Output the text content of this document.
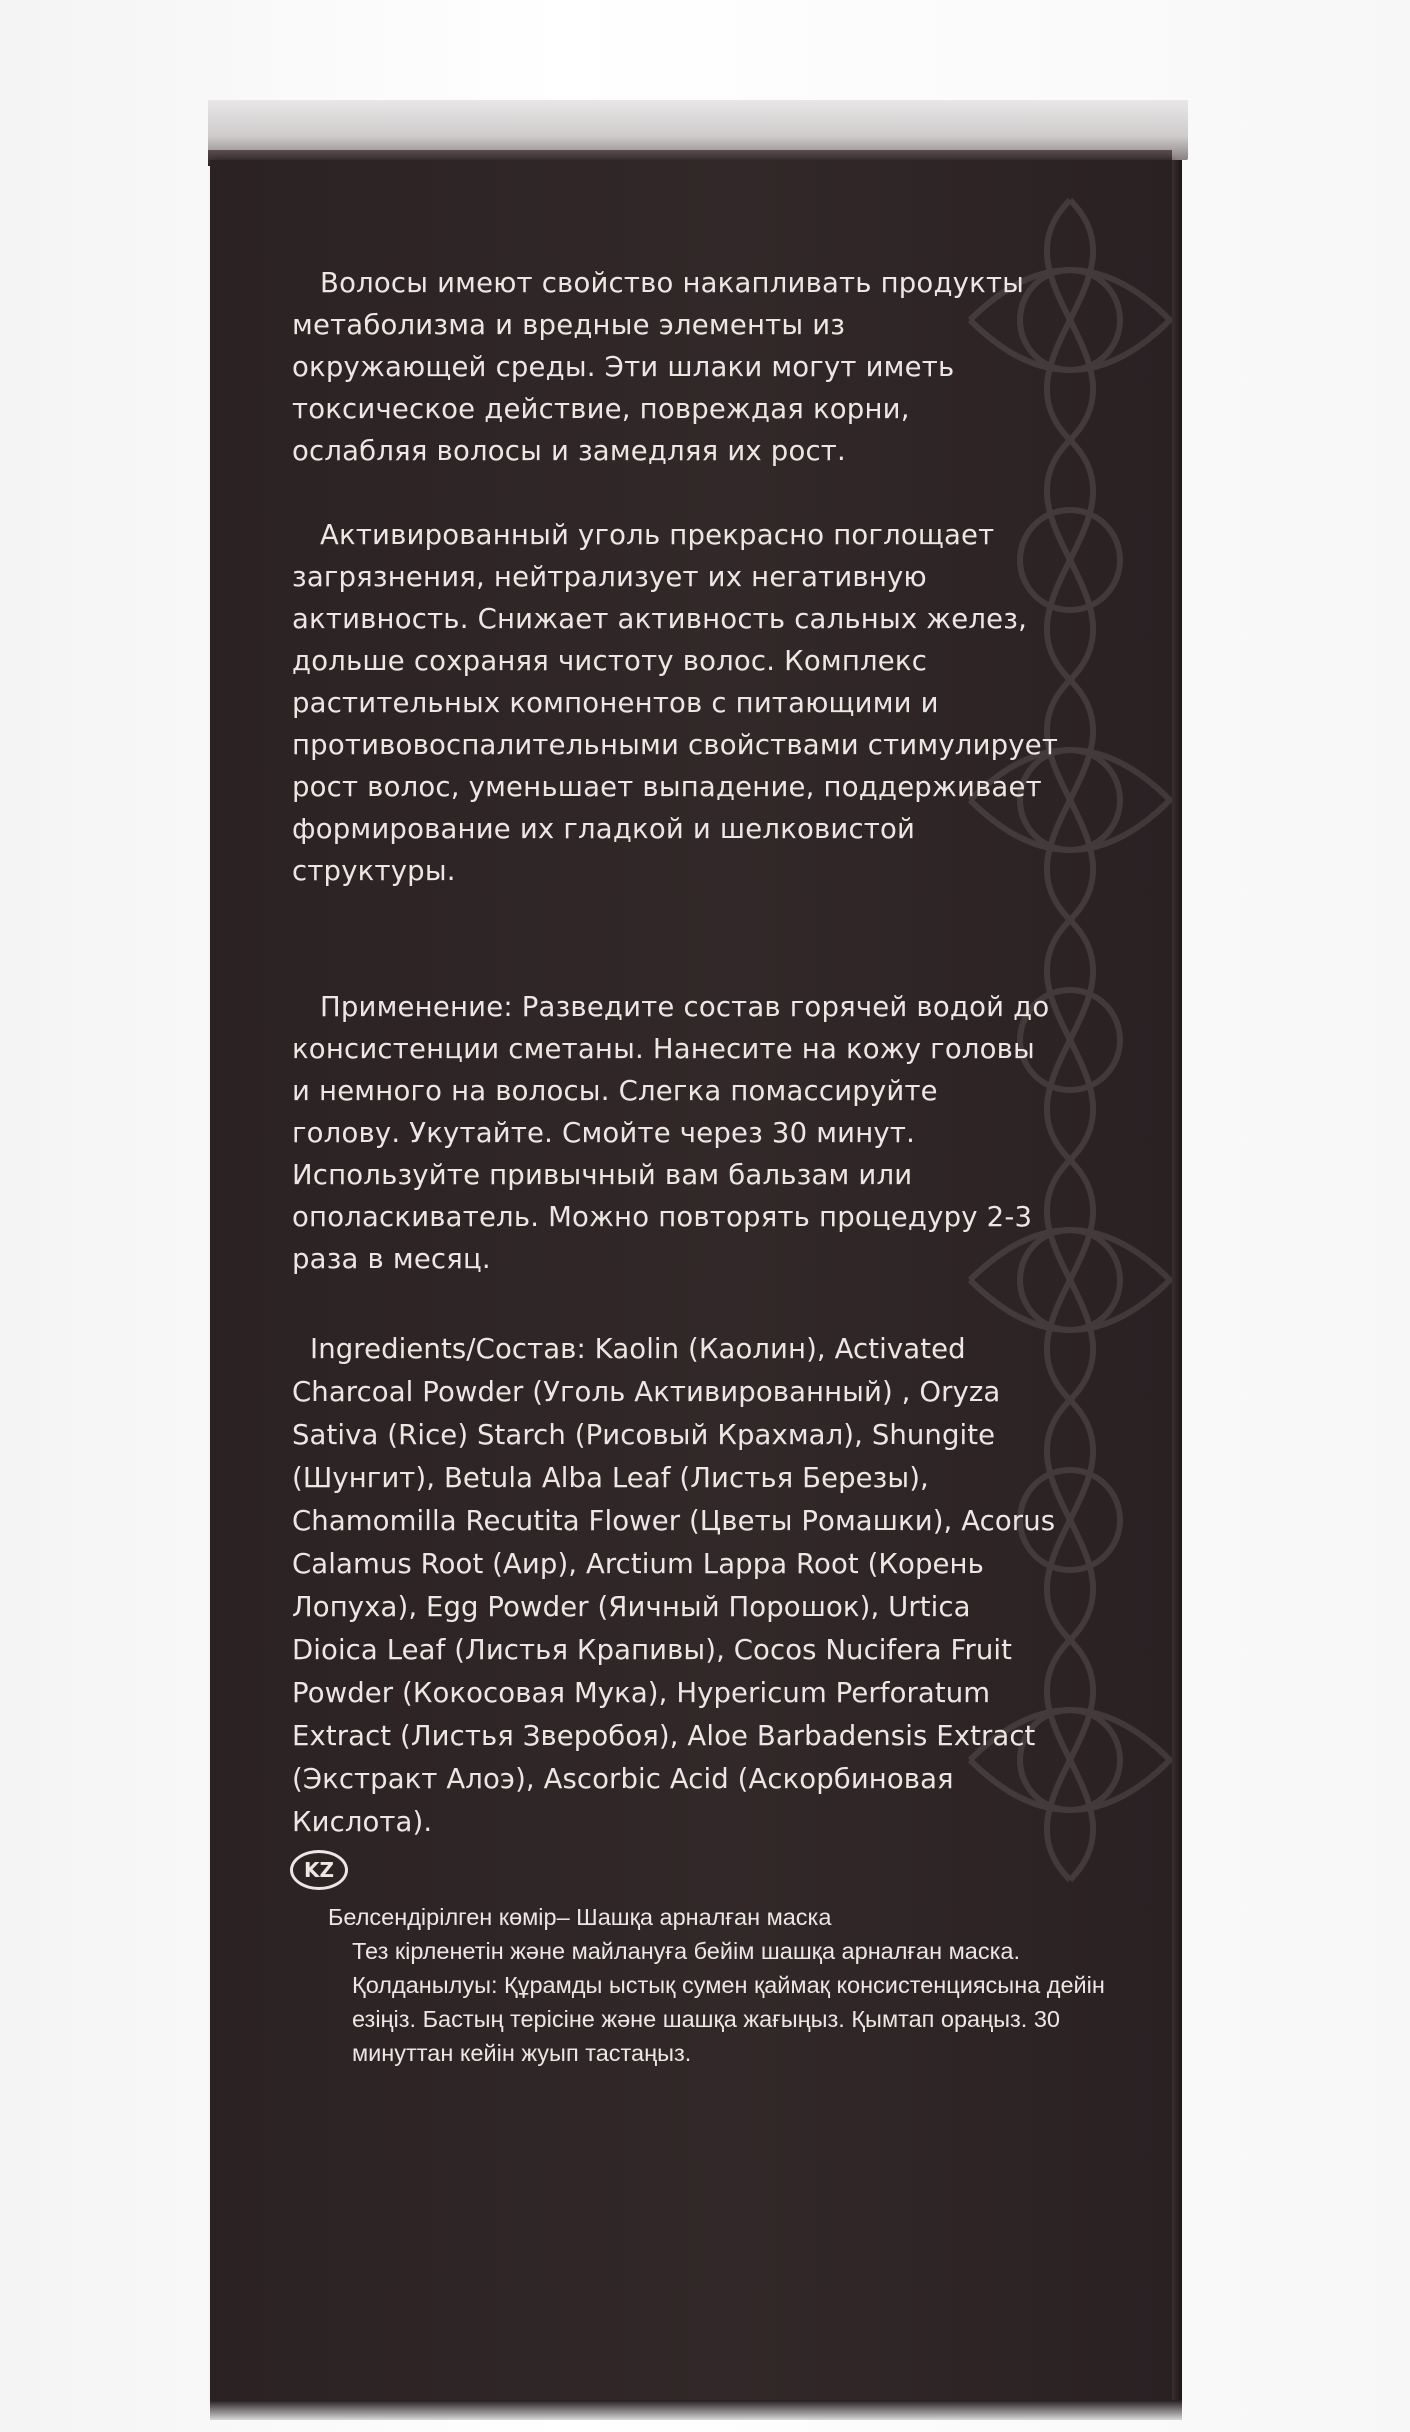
Волосы имеют свойство накапливать продукты метаболизма и вредные элементы из окружающей среды. Эти шлаки могут иметь токсическое действие, повреждая корни, ослабляя волосы и замедляя их рост.

Активированный уголь прекрасно поглощает загрязнения, нейтрализует их негативную активность. Снижает активность сальных желез, дольше сохраняя чистоту волос. Комплекс растительных компонентов с питающими и противовоспалительными свойствами стимулирует рост волос, уменьшает выпадение, поддерживает формирование их гладкой и шелковистой структуры.

Применение: Разведите состав горячей водой до консистенции сметаны. Нанесите на кожу головы и немного на волосы. Слегка помассируйте голову. Укутайте. Смойте через 30 минут. Используйте привычный вам бальзам или ополаскиватель. Можно повторять процедуру 2-3 раза в месяц.

Ingredients/Состав: Kaolin (Каолин), Activated Charcoal Powder (Уголь Активированный) , Oryza Sativa (Rice) Starch (Рисовый Крахмал), Shungite (Шунгит), Betula Alba Leaf (Листья Березы), Chamomilla Recutita Flower (Цветы Ромашки), Acorus Calamus Root (Аир), Arctium Lappa Root (Корень Лопуха), Egg Powder (Яичный Порошок), Urtica Dioica Leaf (Листья Крапивы), Cocos Nucifera Fruit Powder (Кокосовая Мука), Hypericum Perforatum Extract (Листья Зверобоя), Aloe Barbadensis Extract (Экстракт Алоэ), Ascorbic Acid (Аскорбиновая Кислота).

KZ
Белсендірілген көмір– Шашқа арналған маска
Тез кірленетін және майлануға бейім шашқа арналған маска.
Қолданылуы: Құрамды ыстық сумен қаймақ консистенциясына дейін езіңіз. Бастың терісіне және шашқа жағыңыз. Қымтап ораңыз. 30 минуттан кейін жуып тастаңыз.
